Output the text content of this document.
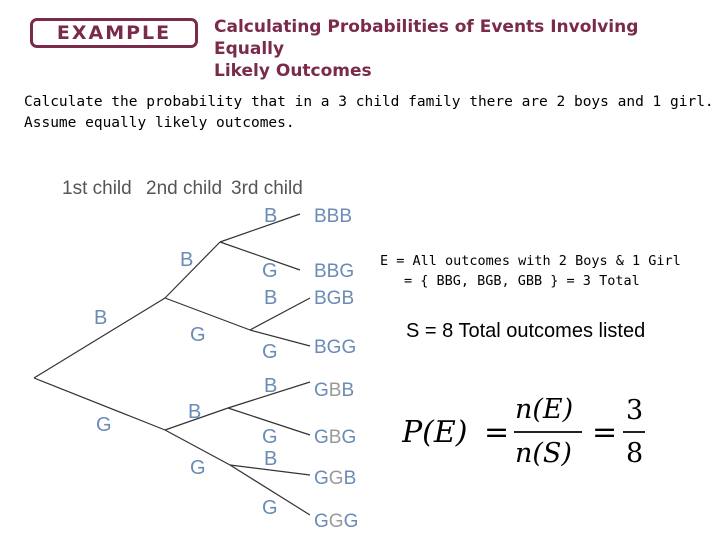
EXAMPLE	Calculating Probabilities of Events Involving Equally
Likely Outcomes
Calculate the probability that in a 3 child family there are 2 boys and 1 girl.
Assume equally likely outcomes.
1st child 2nd child 3rd child
B
G
B
G
B
G
B
G
B
G
B
G
B
G
BBB
BBG
BGB
BGG
GBB
GBG
GGB
GGG
E = All outcomes with 2 Boys & 1 Girl
= { BBG, BGB, GBB } = 3 Total
S = 8 Total outcomes listed
P(E) =
n(E)
n(S)
=
3
8
